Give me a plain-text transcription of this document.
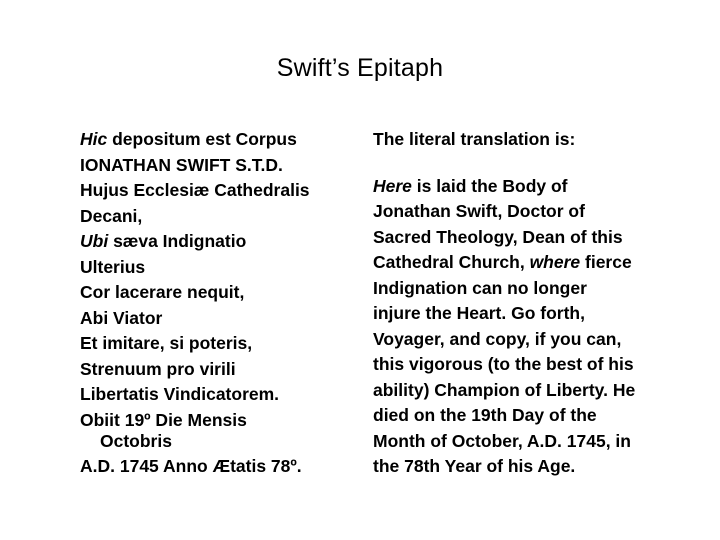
Swift’s Epitaph
Hic depositum est Corpus
IONATHAN SWIFT S.T.D.
Hujus Ecclesiæ Cathedralis
Decani,
Ubi sæva Indignatio
Ulterius
Cor lacerare nequit,
Abi Viator
Et imitare, si poteris,
Strenuum pro virili
Libertatis Vindicatorem.
Obiit 19º Die Mensis
Octobris
A.D. 1745 Anno Ætatis 78º.
The literal translation is:
Here is laid the Body of
Jonathan Swift, Doctor of
Sacred Theology, Dean of this
Cathedral Church, where fierce
Indignation can no longer
injure the Heart. Go forth,
Voyager, and copy, if you can,
this vigorous (to the best of his
ability) Champion of Liberty. He
died on the 19th Day of the
Month of October, A.D. 1745, in
the 78th Year of his Age.
